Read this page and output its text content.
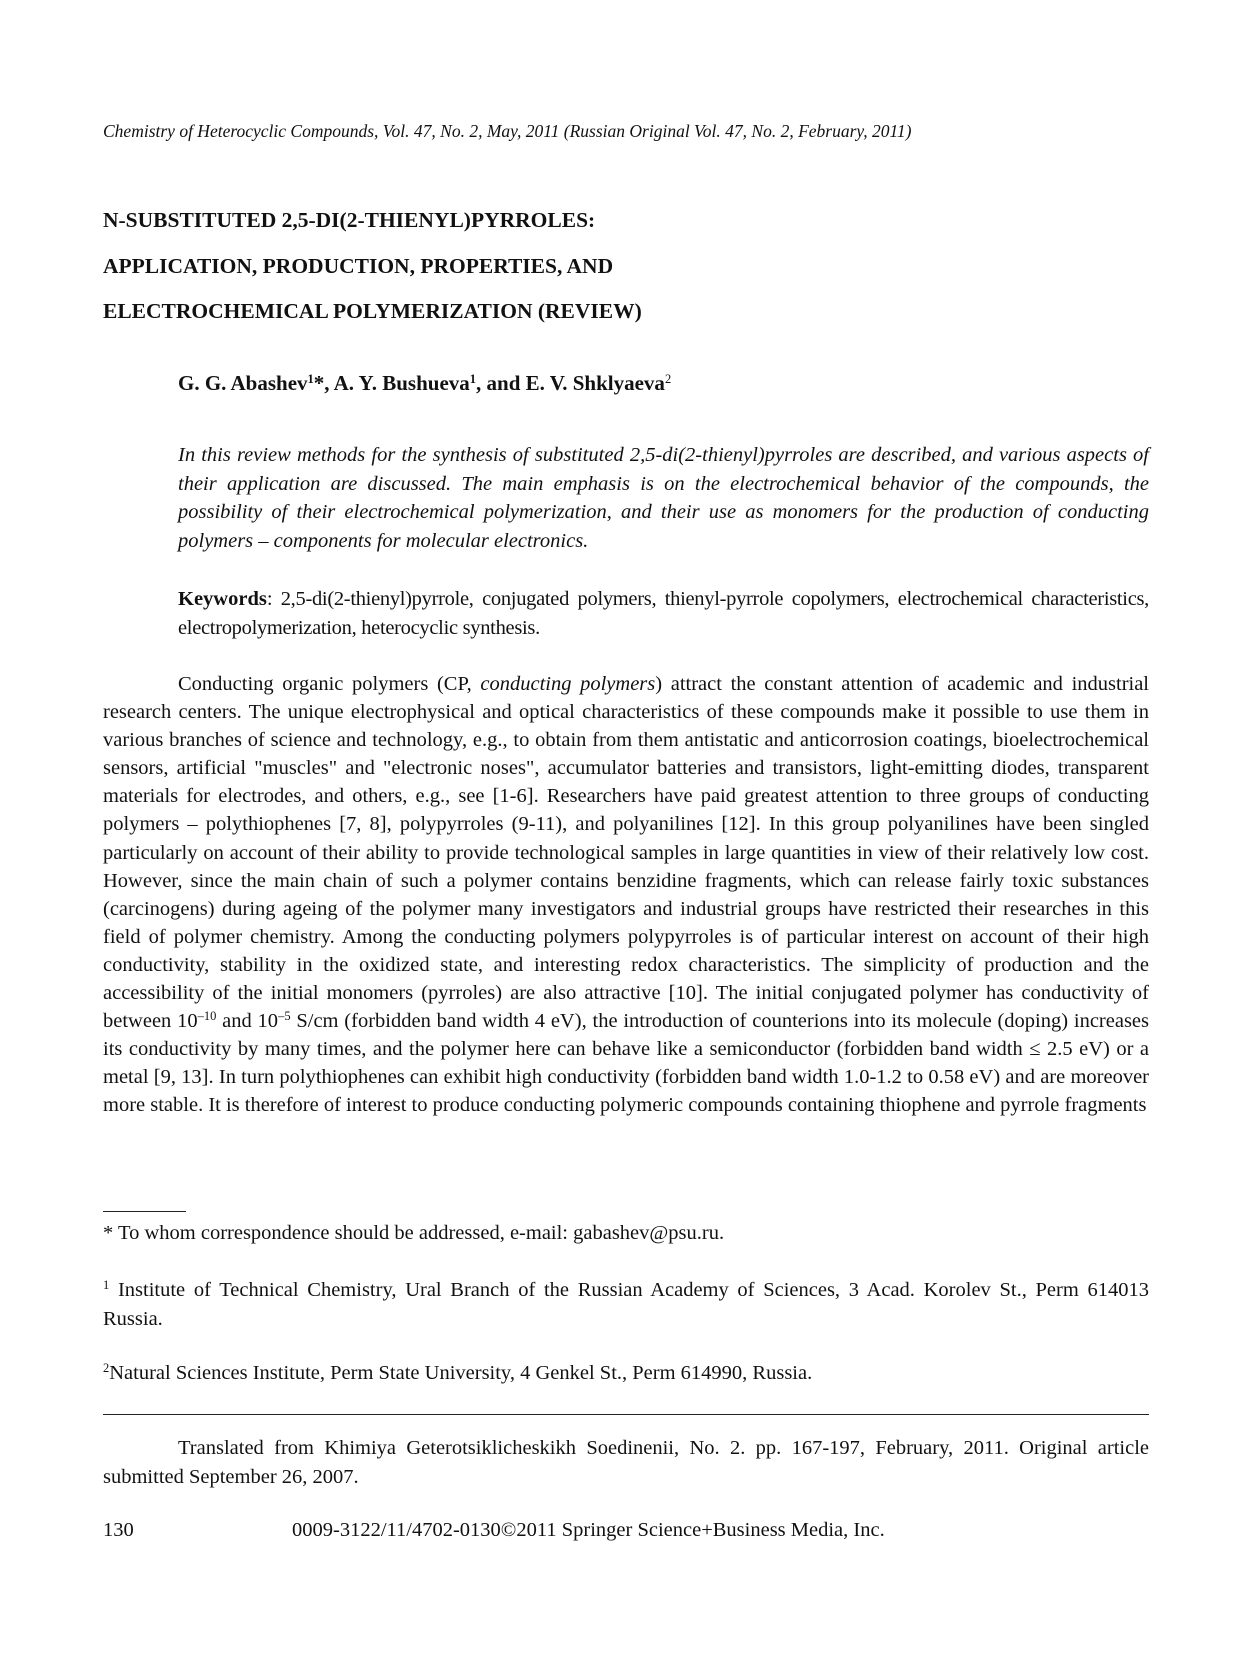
Chemistry of Heterocyclic Compounds, Vol. 47, No. 2, May, 2011 (Russian Original Vol. 47, No. 2, February, 2011)
N-SUBSTITUTED 2,5-DI(2-THIENYL)PYRROLES:
APPLICATION, PRODUCTION, PROPERTIES, AND
ELECTROCHEMICAL POLYMERIZATION (REVIEW)
G. G. Abashev$^1$*, A. Y. Bushueva$^1$, and E. V. Shklyaeva$^2$

In this review methods for the synthesis of substituted 2,5-di(2-thienyl)pyrroles are described, and various aspects of their application are discussed. The main emphasis is on the electrochemical behavior of the compounds, the possibility of their electrochemical polymerization, and their use as monomers for the production of conducting polymers – components for molecular electronics.

Keywords: 2,5-di(2-thienyl)pyrrole, conjugated polymers, thienyl-pyrrole copolymers, electrochemical characteristics, electropolymerization, heterocyclic synthesis.

Conducting organic polymers (CP, conducting polymers) attract the constant attention of academic and industrial research centers. The unique electrophysical and optical characteristics of these compounds make it possible to use them in various branches of science and technology, e.g., to obtain from them antistatic and anticorrosion coatings, bioelectrochemical sensors, artificial "muscles" and "electronic noses", accumulator batteries and transistors, light-emitting diodes, transparent materials for electrodes, and others, e.g., see [1-6]. Researchers have paid greatest attention to three groups of conducting polymers – polythiophenes [7, 8], polypyrroles (9-11), and polyanilines [12]. In this group polyanilines have been singled particularly on account of their ability to provide technological samples in large quantities in view of their relatively low cost. However, since the main chain of such a polymer contains benzidine fragments, which can release fairly toxic substances (carcinogens) during ageing of the polymer many investigators and industrial groups have restricted their researches in this field of polymer chemistry. Among the conducting polymers polypyrroles is of particular interest on account of their high conductivity, stability in the oxidized state, and interesting redox characteristics. The simplicity of production and the accessibility of the initial monomers (pyrroles) are also attractive [10]. The initial conjugated polymer has conductivity of between $10^{-10}$ and $10^{-5}$ S/cm (forbidden band width 4 eV), the introduction of counterions into its molecule (doping) increases its conductivity by many times, and the polymer here can behave like a semiconductor (forbidden band width ≤ 2.5 eV) or a metal [9, 13]. In turn polythiophenes can exhibit high conductivity (forbidden band width 1.0-1.2 to 0.58 eV) and are moreover more stable. It is therefore of interest to produce conducting polymeric compounds containing thiophene and pyrrole fragments

* To whom correspondence should be addressed, e-mail: gabashev@psu.ru.

$^1$ Institute of Technical Chemistry, Ural Branch of the Russian Academy of Sciences, 3 Acad. Korolev St., Perm 614013 Russia.

$^2$Natural Sciences Institute, Perm State University, 4 Genkel St., Perm 614990, Russia.

Translated from Khimiya Geterotsiklicheskikh Soedinenii, No. 2. pp. 167-197, February, 2011. Original article submitted September 26, 2007.

130	0009-3122/11/4702-0130©2011 Springer Science+Business Media, Inc.
